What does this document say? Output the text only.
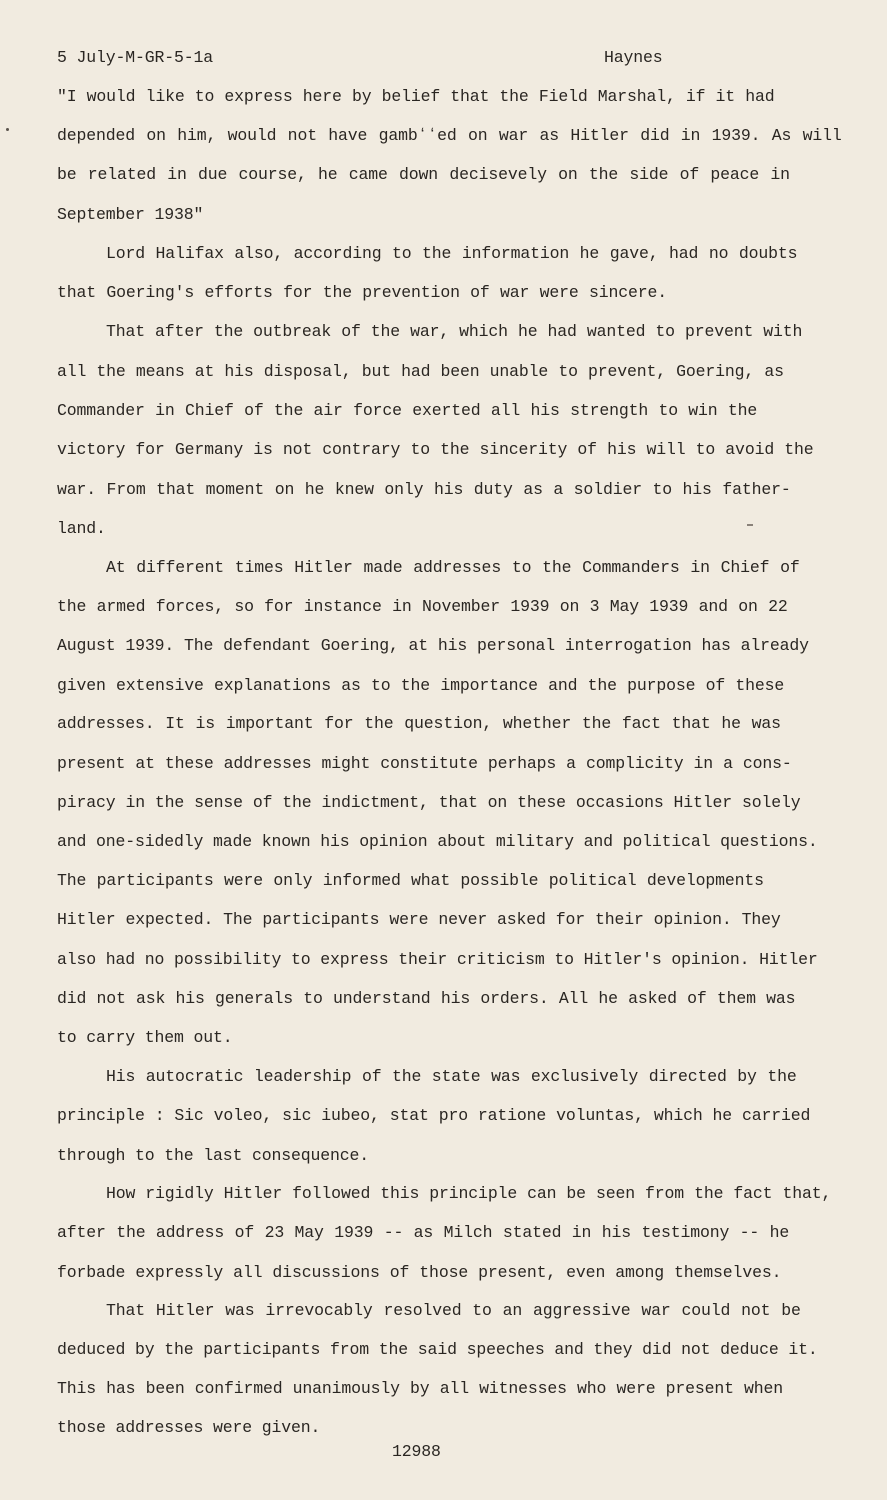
5 July-M-GR-5-1a	Haynes
"I would like to express here by belief that the Field Marshal, if it had
depended on him, would not have gambʻʻed on war as Hitler did in 1939. As will
be related in due course, he came down decisevely on the side of peace in
September 1938"
Lord Halifax also, according to the information he gave, had no doubts
that Goering's efforts for the prevention of war were sincere.
That after the outbreak of the war, which he had wanted to prevent with
all the means at his disposal, but had been unable to prevent, Goering, as
Commander in Chief of the air force exerted all his strength to win the
victory for Germany is not contrary to the sincerity of his will to avoid the
war. From that moment on he knew only his duty as a soldier to his father-
land.
At different times Hitler made addresses to the Commanders in Chief of
the armed forces, so for instance in November 1939 on 3 May 1939 and on 22
August 1939. The defendant Goering, at his personal interrogation has already
given extensive explanations as to the importance and the purpose of these
addresses. It is important for the question, whether the fact that he was
present at these addresses might constitute perhaps a complicity in a cons-
piracy in the sense of the indictment, that on these occasions Hitler solely
and one-sidedly made known his opinion about military and political questions.
The participants were only informed what possible political developments
Hitler expected. The participants were never asked for their opinion. They
also had no possibility to express their criticism to Hitler's opinion. Hitler
did not ask his generals to understand his orders. All he asked of them was
to carry them out.
His autocratic leadership of the state was exclusively directed by the
principle : Sic voleo, sic iubeo, stat pro ratione voluntas, which he carried
through to the last consequence.
How rigidly Hitler followed this principle can be seen from the fact that,
after the address of 23 May 1939 -- as Milch stated in his testimony -- he
forbade expressly all discussions of those present, even among themselves.
That Hitler was irrevocably resolved to an aggressive war could not be
deduced by the participants from the said speeches and they did not deduce it.
This has been confirmed unanimously by all witnesses who were present when
those addresses were given.
12988
